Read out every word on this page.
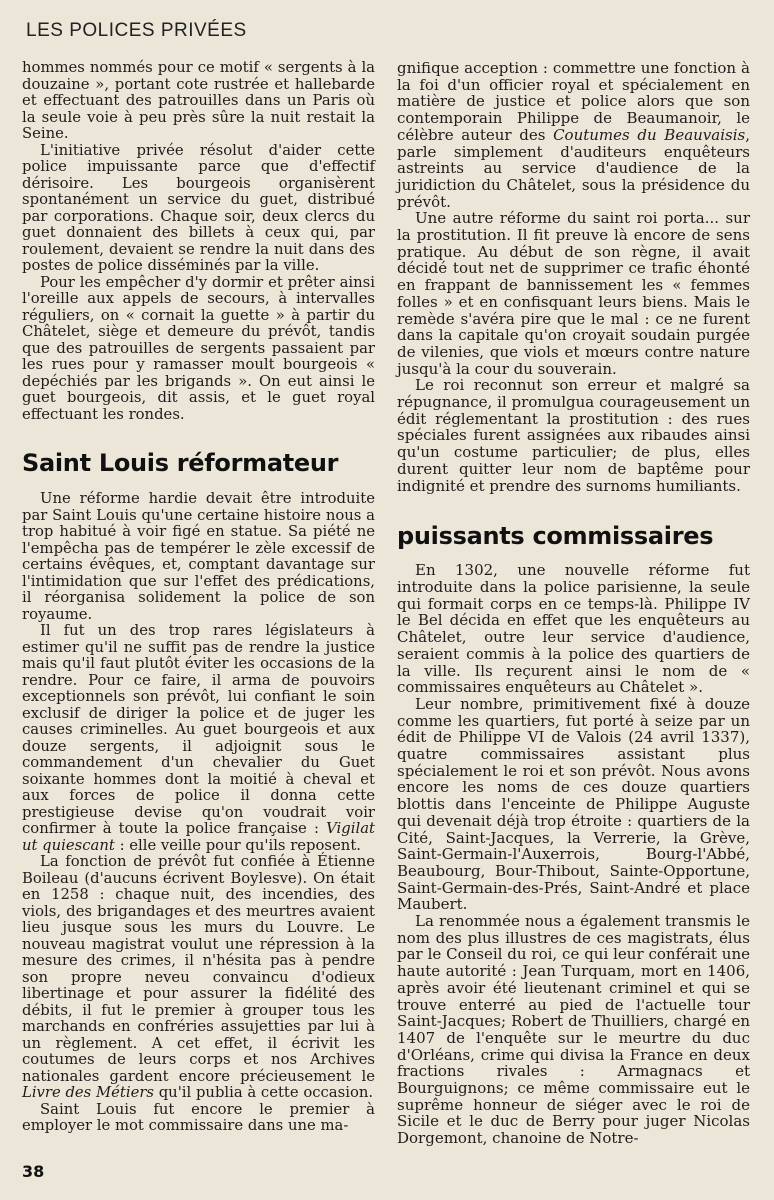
LES POLICES PRIVÉES

hommes nommés pour ce motif « sergents à la douzaine », portant cote rustrée et hallebarde et effectuant des patrouilles dans un Paris où la seule voie à peu près sûre la nuit restait la Seine.

L'initiative privée résolut d'aider cette police impuissante parce que d'effectif dérisoire. Les bourgeois organisèrent spontanément un service du guet, distribué par corporations. Chaque soir, deux clercs du guet donnaient des billets à ceux qui, par roulement, devaient se rendre la nuit dans des postes de police disséminés par la ville.

Pour les empêcher d'y dormir et prêter ainsi l'oreille aux appels de secours, à intervalles réguliers, on « cornait la guette » à partir du Châtelet, siège et demeure du prévôt, tandis que des patrouilles de sergents passaient par les rues pour y ramasser moult bourgeois « depéchiés par les brigands ». On eut ainsi le guet bourgeois, dit assis, et le guet royal effectuant les rondes.

Saint Louis réformateur

Une réforme hardie devait être introduite par Saint Louis qu'une certaine histoire nous a trop habitué à voir figé en statue. Sa piété ne l'empêcha pas de tempérer le zèle excessif de certains évêques, et, comptant davantage sur l'intimidation que sur l'effet des prédications, il réorganisa solidement la police de son royaume.

Il fut un des trop rares législateurs à estimer qu'il ne suffit pas de rendre la justice mais qu'il faut plutôt éviter les occasions de la rendre. Pour ce faire, il arma de pouvoirs exceptionnels son prévôt, lui confiant le soin exclusif de diriger la police et de juger les causes criminelles. Au guet bourgeois et aux douze sergents, il adjoignit sous le commandement d'un chevalier du Guet soixante hommes dont la moitié à cheval et aux forces de police il donna cette prestigieuse devise qu'on voudrait voir confirmer à toute la police française : Vigilat ut quiescant : elle veille pour qu'ils reposent.

La fonction de prévôt fut confiée à Étienne Boileau (d'aucuns écrivent Boylesve). On était en 1258 : chaque nuit, des incendies, des viols, des brigandages et des meurtres avaient lieu jusque sous les murs du Louvre. Le nouveau magistrat voulut une répression à la mesure des crimes, il n'hésita pas à pendre son propre neveu convaincu d'odieux libertinage et pour assurer la fidélité des débits, il fut le premier à grouper tous les marchands en confréries assujetties par lui à un règlement. A cet effet, il écrivit les coutumes de leurs corps et nos Archives nationales gardent encore précieusement le Livre des Métiers qu'il publia à cette occasion.

Saint Louis fut encore le premier à employer le mot commissaire dans une ma-

gnifique acception : commettre une fonction à la foi d'un officier royal et spécialement en matière de justice et police alors que son contemporain Philippe de Beaumanoir, le célèbre auteur des Coutumes du Beauvaisis, parle simplement d'auditeurs enquêteurs astreints au service d'audience de la juridiction du Châtelet, sous la présidence du prévôt.

Une autre réforme du saint roi porta... sur la prostitution. Il fit preuve là encore de sens pratique. Au début de son règne, il avait décidé tout net de supprimer ce trafic éhonté en frappant de bannissement les « femmes folles » et en confisquant leurs biens. Mais le remède s'avéra pire que le mal : ce ne furent dans la capitale qu'on croyait soudain purgée de vilenies, que viols et mœurs contre nature jusqu'à la cour du souverain.

Le roi reconnut son erreur et malgré sa répugnance, il promulgua courageusement un édit réglementant la prostitution : des rues spéciales furent assignées aux ribaudes ainsi qu'un costume particulier; de plus, elles durent quitter leur nom de baptême pour indignité et prendre des surnoms humiliants.

puissants commissaires

En 1302, une nouvelle réforme fut introduite dans la police parisienne, la seule qui formait corps en ce temps-là. Philippe IV le Bel décida en effet que les enquêteurs au Châtelet, outre leur service d'audience, seraient commis à la police des quartiers de la ville. Ils reçurent ainsi le nom de « commissaires enquêteurs au Châtelet ».

Leur nombre, primitivement fixé à douze comme les quartiers, fut porté à seize par un édit de Philippe VI de Valois (24 avril 1337), quatre commissaires assistant plus spécialement le roi et son prévôt. Nous avons encore les noms de ces douze quartiers blottis dans l'enceinte de Philippe Auguste qui devenait déjà trop étroite : quartiers de la Cité, Saint-Jacques, la Verrerie, la Grève, Saint-Germain-l'Auxerrois, Bourg-l'Abbé, Beaubourg, Bour-Thibout, Sainte-Opportune, Saint-Germain-des-Prés, Saint-André et place Maubert.

La renommée nous a également transmis le nom des plus illustres de ces magistrats, élus par le Conseil du roi, ce qui leur conférait une haute autorité : Jean Turquam, mort en 1406, après avoir été lieutenant criminel et qui se trouve enterré au pied de l'actuelle tour Saint-Jacques; Robert de Thuilliers, chargé en 1407 de l'enquête sur le meurtre du duc d'Orléans, crime qui divisa la France en deux fractions rivales : Armagnacs et Bourguignons; ce même commissaire eut le suprême honneur de siéger avec le roi de Sicile et le duc de Berry pour juger Nicolas Dorgemont, chanoine de Notre-

38
